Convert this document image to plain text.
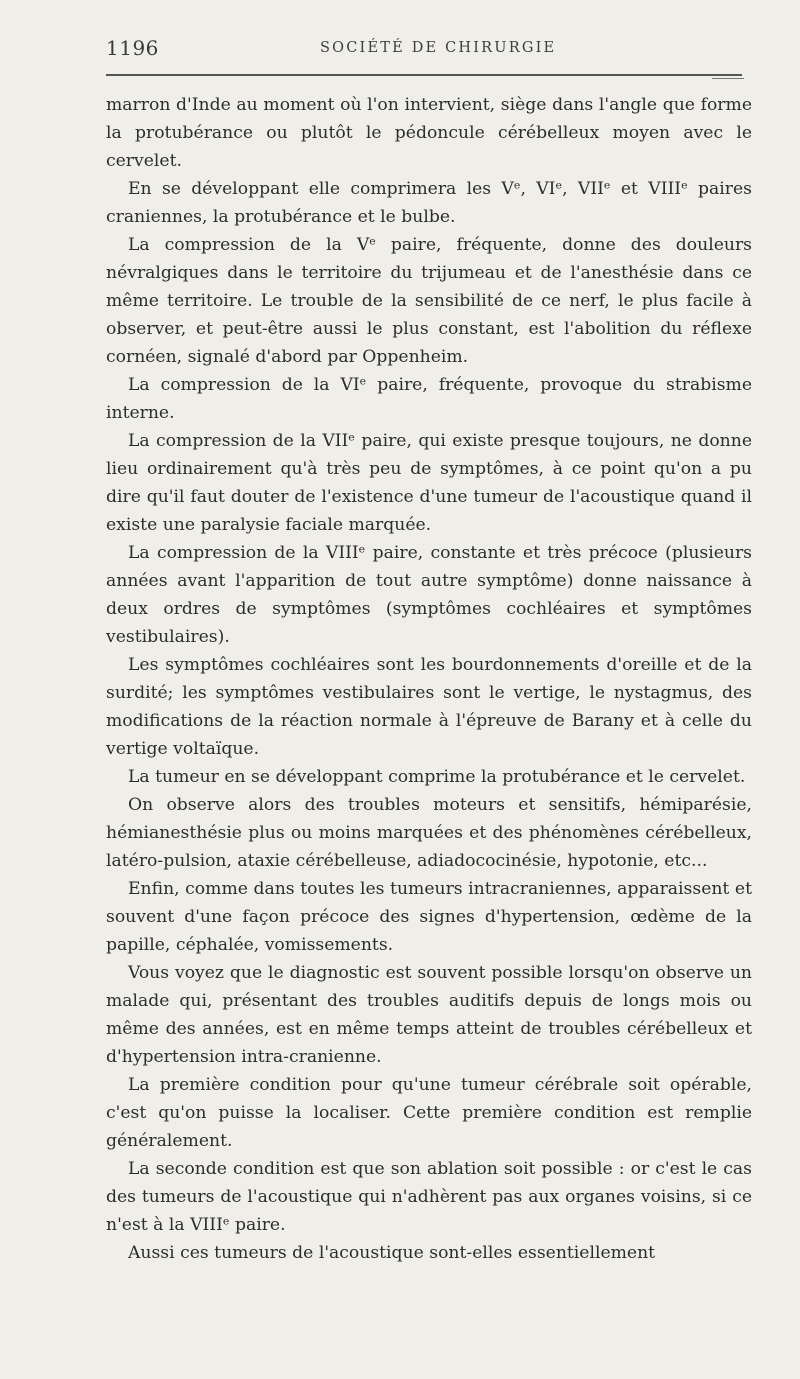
1196	SOCIÉTÉ DE CHIRURGIE

marron d'Inde au moment où l'on intervient, siège dans l'angle que forme la protubérance ou plutôt le pédoncule cérébelleux moyen avec le cervelet.

En se développant elle comprimera les Vᵉ, VIᵉ, VIIᵉ et VIIIᵉ paires craniennes, la protubérance et le bulbe.

La compression de la Vᵉ paire, fréquente, donne des douleurs névralgiques dans le territoire du trijumeau et de l'anesthésie dans ce même territoire. Le trouble de la sensibilité de ce nerf, le plus facile à observer, et peut-être aussi le plus constant, est l'abolition du réflexe cornéen, signalé d'abord par Oppenheim.

La compression de la VIᵉ paire, fréquente, provoque du strabisme interne.

La compression de la VIIᵉ paire, qui existe presque toujours, ne donne lieu ordinairement qu'à très peu de symptômes, à ce point qu'on a pu dire qu'il faut douter de l'existence d'une tumeur de l'acoustique quand il existe une paralysie faciale marquée.

La compression de la VIIIᵉ paire, constante et très précoce (plusieurs années avant l'apparition de tout autre symptôme) donne naissance à deux ordres de symptômes (symptômes cochléaires et symptômes vestibulaires).

Les symptômes cochléaires sont les bourdonnements d'oreille et de la surdité; les symptômes vestibulaires sont le vertige, le nystagmus, des modifications de la réaction normale à l'épreuve de Barany et à celle du vertige voltaïque.

La tumeur en se développant comprime la protubérance et le cervelet.

On observe alors des troubles moteurs et sensitifs, hémiparésie, hémianesthésie plus ou moins marquées et des phénomènes cérébelleux, latéro-pulsion, ataxie cérébelleuse, adiadococinésie, hypotonie, etc...

Enfin, comme dans toutes les tumeurs intracraniennes, apparaissent et souvent d'une façon précoce des signes d'hypertension, œdème de la papille, céphalée, vomissements.

Vous voyez que le diagnostic est souvent possible lorsqu'on observe un malade qui, présentant des troubles auditifs depuis de longs mois ou même des années, est en même temps atteint de troubles cérébelleux et d'hypertension intra-cranienne.

La première condition pour qu'une tumeur cérébrale soit opérable, c'est qu'on puisse la localiser. Cette première condition est remplie généralement.

La seconde condition est que son ablation soit possible : or c'est le cas des tumeurs de l'acoustique qui n'adhèrent pas aux organes voisins, si ce n'est à la VIIIᵉ paire.

Aussi ces tumeurs de l'acoustique sont-elles essentiellement
